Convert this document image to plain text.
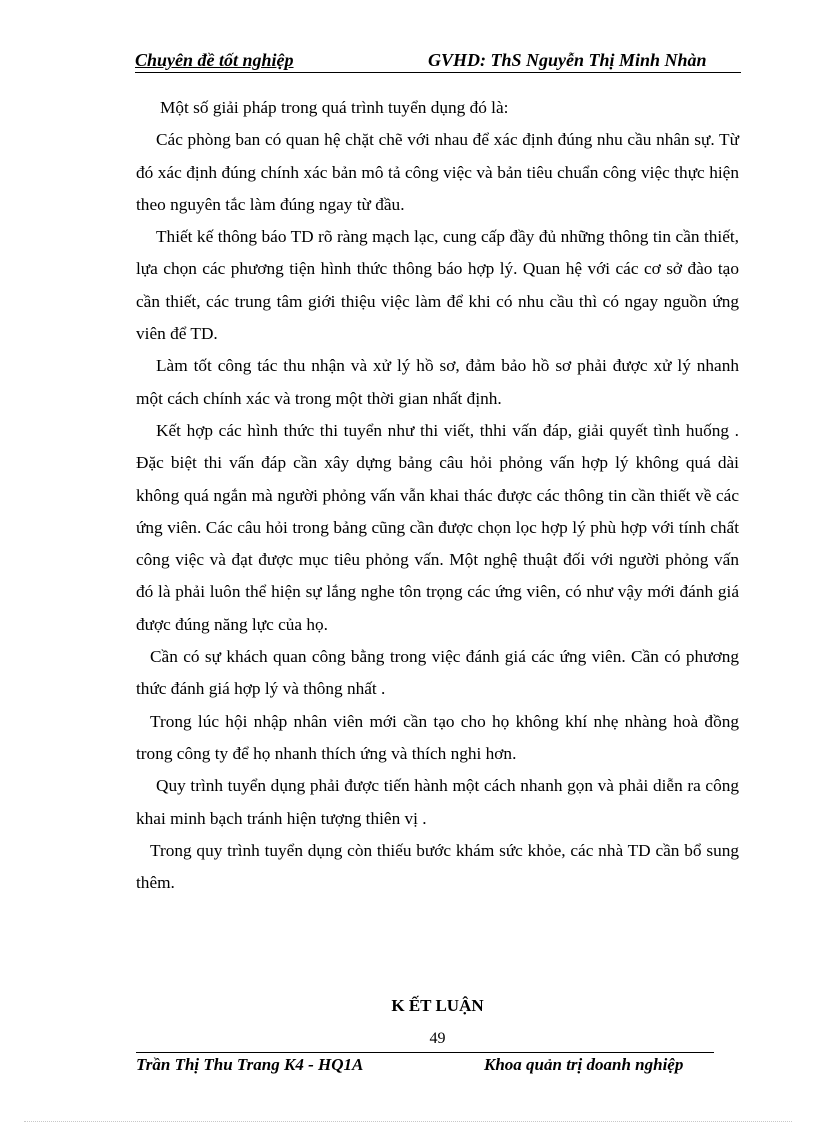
Chuyên đề tốt nghiệp	GVHD: ThS Nguyễn Thị Minh Nhàn

Một số giải pháp trong quá trình tuyển dụng đó là:

Các phòng ban có quan hệ chặt chẽ với nhau để xác định đúng nhu cầu nhân sự. Từ đó xác định đúng chính xác bản mô tả công việc và bản tiêu chuẩn công việc thực hiện theo nguyên tắc làm đúng ngay từ đầu.

Thiết kế thông báo TD rõ ràng mạch lạc, cung cấp đầy đủ những thông tin cần thiết, lựa chọn các phương tiện hình thức thông báo hợp lý. Quan hệ với các cơ sở đào tạo cần thiết, các trung tâm giới thiệu việc làm để khi có nhu cầu thì có ngay nguồn ứng viên để TD.

Làm tốt công tác thu nhận và xử lý hồ sơ, đảm bảo hồ sơ phải được xử lý nhanh một cách chính xác và trong một thời gian nhất định.

Kết hợp các hình thức thi tuyển như thi viết, thhi vấn đáp, giải quyết tình huống . Đặc biệt thi vấn đáp cần xây dựng bảng câu hỏi phỏng vấn hợp lý không quá dài không quá ngắn mà người phỏng vấn vẫn khai thác được các thông tin cần thiết về các ứng viên. Các câu hỏi trong bảng cũng cần được chọn lọc hợp lý phù hợp với tính chất công việc và đạt được mục tiêu phỏng vấn. Một nghệ thuật đối với người phỏng vấn đó là phải luôn thể hiện sự lắng nghe tôn trọng các ứng viên, có như vậy mới đánh giá được đúng năng lực của họ.

Cần có sự khách quan công bằng trong việc đánh giá các ứng viên. Cần có phương thức đánh giá hợp lý và thông nhất .

Trong lúc hội nhập nhân viên mới cần tạo cho họ không khí nhẹ nhàng hoà đồng trong công ty để họ nhanh thích ứng và thích nghi hơn.

Quy trình tuyển dụng phải được tiến hành một cách nhanh gọn và phải diễn ra công khai minh bạch tránh hiện tượng thiên vị .

Trong quy trình tuyển dụng còn thiếu bước khám sức khỏe, các nhà TD cần bổ sung thêm.

K ẾT LUẬN
49
Trần Thị Thu Trang K4 - HQ1A	Khoa quản trị doanh nghiệp
